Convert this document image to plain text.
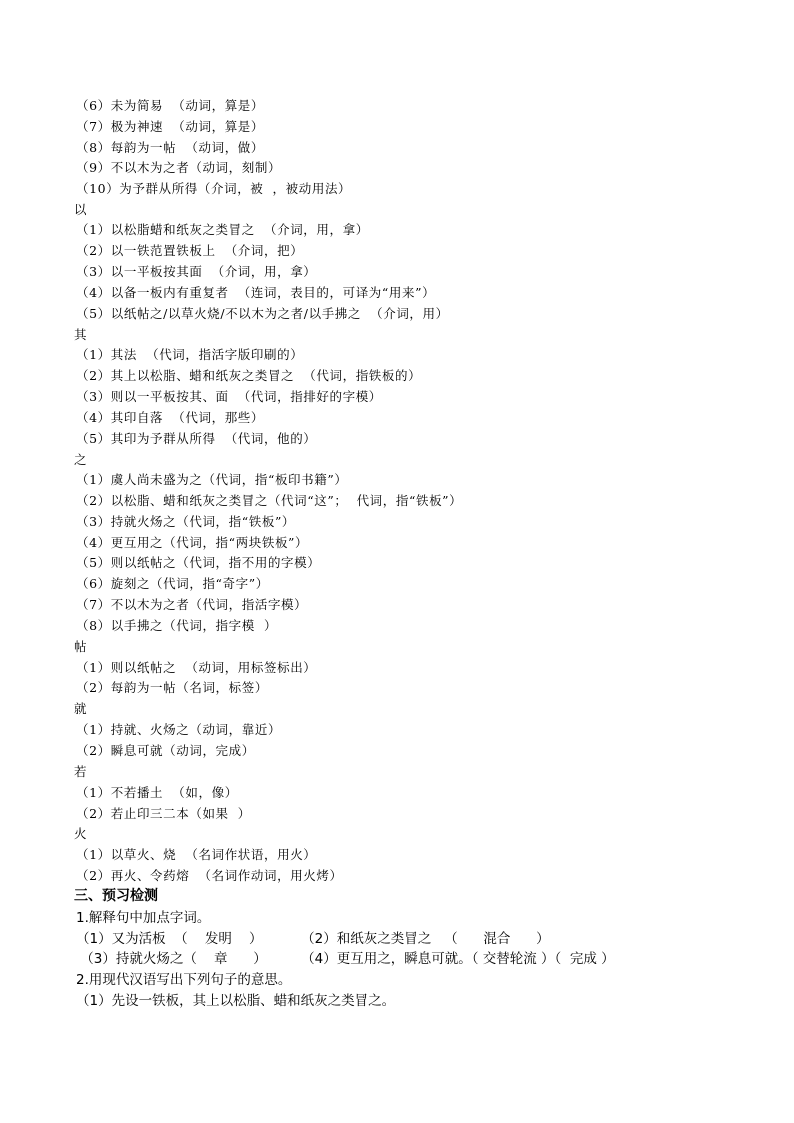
（6）未为简易  （动词，算是）
（7）极为神速  （动词，算是）
（8）每韵为一帖  （动词，做）
（9）不以木为之者（动词，刻制）
（10）为予群从所得（介词，被  ，被动用法）
以
（1）以松脂蜡和纸灰之类冒之  （介词，用，拿）
（2）以一铁范置铁板上  （介词，把）
（3）以一平板按其面  （介词，用，拿）
（4）以备一板内有重复者  （连词，表目的，可译为“用来”）
（5）以纸帖之/以草火烧/不以木为之者/以手拂之  （介词，用）
其
（1）其法  （代词，指活字版印刷的）
（2）其上以松脂、蜡和纸灰之类冒之  （代词，指铁板的）
（3）则以一平板按其、面  （代词，指排好的字模）
（4）其印自落  （代词，那些）
（5）其印为予群从所得  （代词，他的）
之
（1）虞人尚未盛为之（代词，指“板印书籍”）
（2）以松脂、蜡和纸灰之类冒之（代词“这”；  代词，指“铁板”）
（3）持就火炀之（代词，指“铁板”）
（4）更互用之（代词，指“两块铁板”）
（5）则以纸帖之（代词，指不用的字模）
（6）旋刻之（代词，指“奇字”）
（7）不以木为之者（代词，指活字模）
（8）以手拂之（代词，指字模  ）
帖
（1）则以纸帖之  （动词，用标签标出）
（2）每韵为一帖（名词，标签）
就
（1）持就、火炀之（动词，靠近）
（2）瞬息可就（动词，完成）
若
（1）不若播土  （如，像）
（2）若止印三二本（如果  ）
火
（1）以草火、烧  （名词作状语，用火）
（2）再火、令药熔  （名词作动词，用火烤）
三、预习检测
1.解释句中加点字词。
（1）又为活板  （    发明    ）         （2）和纸灰之类冒之   （      混合      ）
（3）持就火炀之（    章      ）        （4）更互用之，瞬息可就。（ 交替轮流 ）（  完成 ）
2.用现代汉语写出下列句子的意思。
（1）先设一铁板，其上以松脂、蜡和纸灰之类冒之。
